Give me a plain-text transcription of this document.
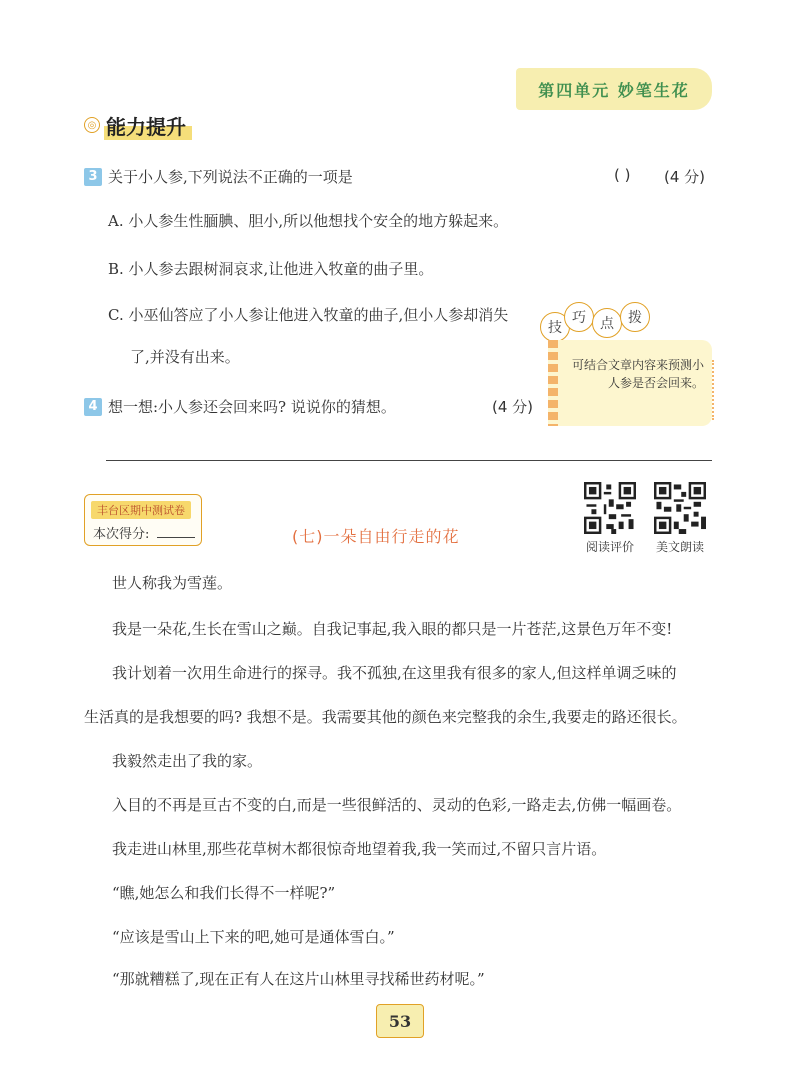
第四单元 妙笔生花
◎ 能力提升
3 关于小人参,下列说法不正确的一项是	( ) (4 分)
A. 小人参生性腼腆、胆小,所以他想找个安全的地方躲起来。
B. 小人参去跟树洞哀求,让他进入牧童的曲子里。
C. 小巫仙答应了小人参让他进入牧童的曲子,但小人参却消失
了,并没有出来。
4 想一想:小人参还会回来吗? 说说你的猜想。	(4 分)
技
巧	点	拨
可结合文章内容来预测小人参是否会回来。
丰台区期中测试卷
本次得分:	(七)一朵自由行走的花
阅读评价	美文朗读
世人称我为雪莲。
我是一朵花,生长在雪山之巅。自我记事起,我入眼的都只是一片苍茫,这景色万年不变!
我计划着一次用生命进行的探寻。我不孤独,在这里我有很多的家人,但这样单调乏味的
生活真的是我想要的吗? 我想不是。我需要其他的颜色来完整我的余生,我要走的路还很长。
我毅然走出了我的家。
入目的不再是亘古不变的白,而是一些很鲜活的、灵动的色彩,一路走去,仿佛一幅画卷。
我走进山林里,那些花草树木都很惊奇地望着我,我一笑而过,不留只言片语。
“瞧,她怎么和我们长得不一样呢?”
“应该是雪山上下来的吧,她可是通体雪白。”
“那就糟糕了,现在正有人在这片山林里寻找稀世药材呢。”
53
